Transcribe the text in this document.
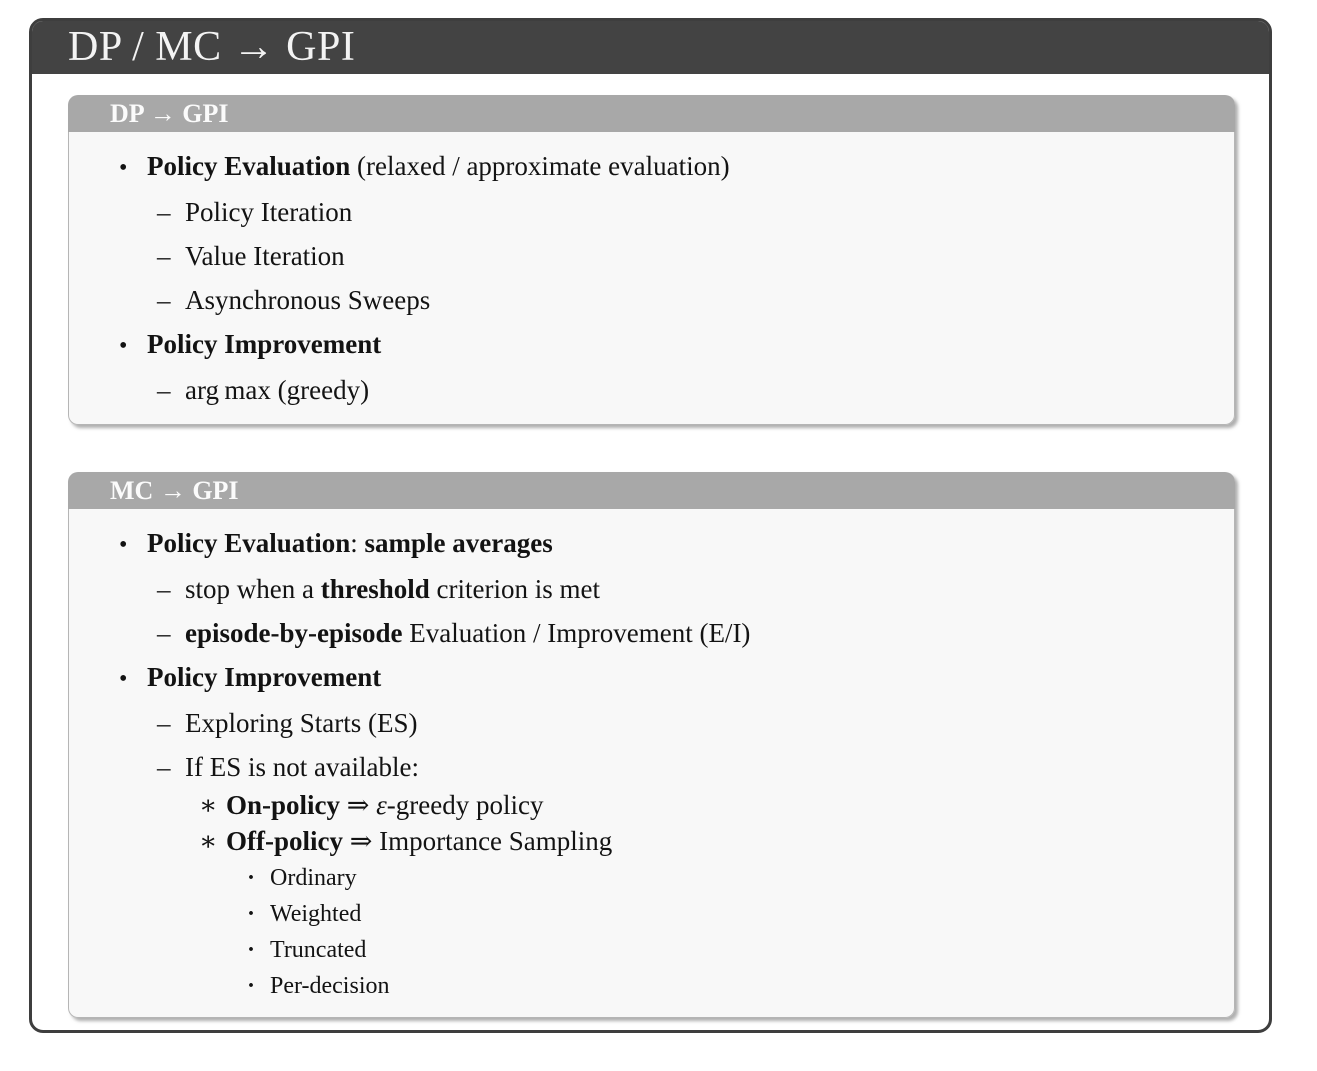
DP / MC → GPI
DP → GPI
• Policy Evaluation (relaxed / approximate evaluation)
– Policy Iteration
– Value Iteration
– Asynchronous Sweeps
• Policy Improvement
– arg max (greedy)
MC → GPI
• Policy Evaluation: sample averages
– stop when a threshold criterion is met
– episode-by-episode Evaluation / Improvement (E/I)
• Policy Improvement
– Exploring Starts (ES)
– If ES is not available:
∗ On-policy ⇒ ε-greedy policy
∗ Off-policy ⇒ Importance Sampling
· Ordinary
· Weighted
· Truncated
· Per-decision
